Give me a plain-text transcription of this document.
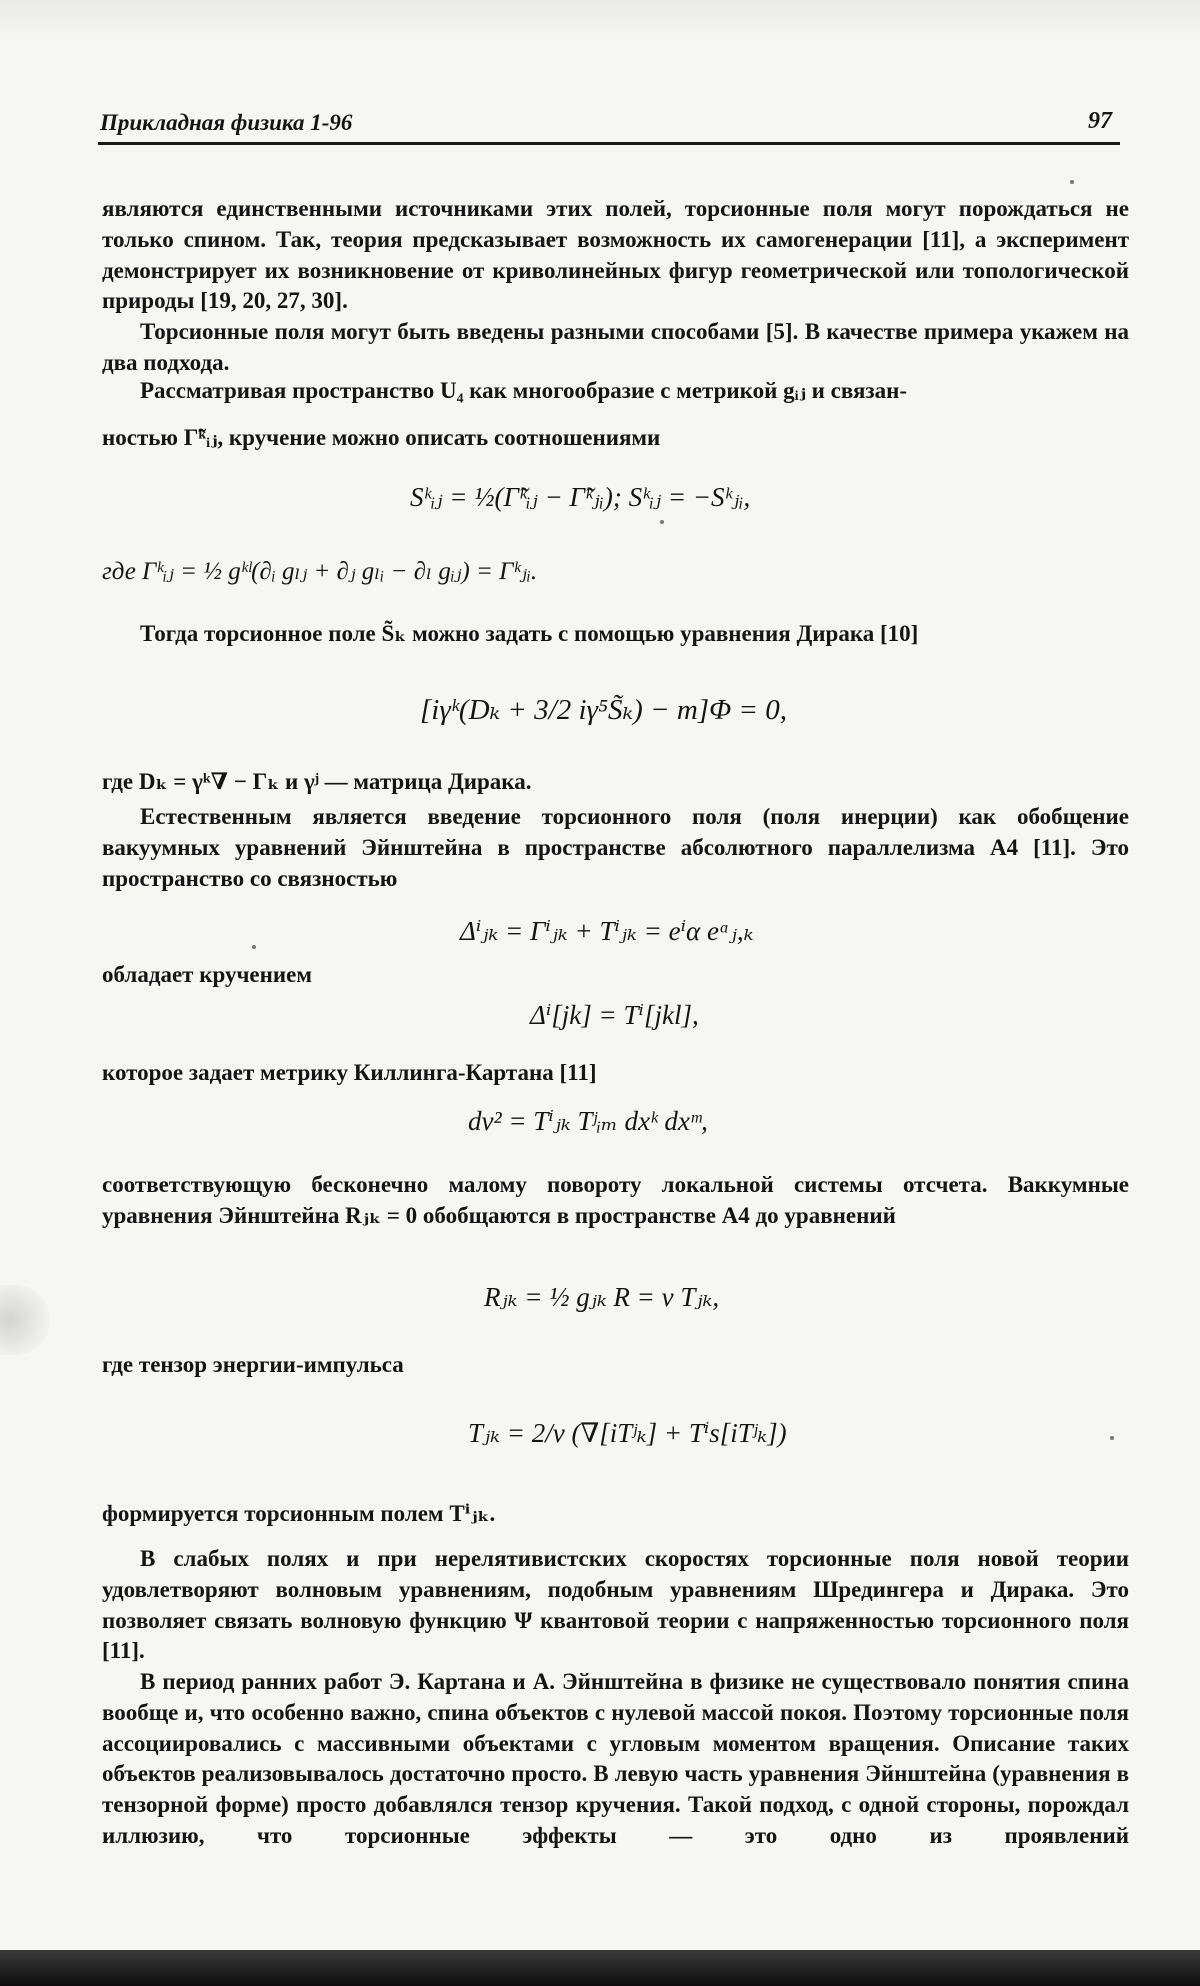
Прикладная физика 1-96	97

являются единственными источниками этих полей, торсионные поля могут порождаться не только спином. Так, теория предсказывает возможность их самогенерации [11], а эксперимент демонстрирует их возникновение от криволинейных фигур геометрической или топологической природы [19, 20, 27, 30].

Торсионные поля могут быть введены разными способами [5]. В качестве примера укажем на два подхода.

Рассматривая пространство U₄ как многообразие с метрикой gᵢⱼ и связан-
ностью Γ̃ᵏᵢⱼ, кручение можно описать соотношениями
Sᵏᵢⱼ = ½(Γ̃ᵏᵢⱼ − Γ̃ᵏⱼᵢ); Sᵏᵢⱼ = −Sᵏⱼᵢ,
где Γᵏᵢⱼ = ½ gᵏˡ(∂ᵢ gₗⱼ + ∂ⱼ gₗᵢ − ∂ₗ gᵢⱼ) = Γᵏⱼᵢ.
Тогда торсионное поле S̃ₖ можно задать с помощью уравнения Дирака [10]
[iγᵏ(Dₖ + 3/2 iγ⁵S̃ₖ) − m]Φ = 0,
где Dₖ = γᵏ∇ − Γₖ и γʲ — матрица Дирака.

Естественным является введение торсионного поля (поля инерции) как обобщение вакуумных уравнений Эйнштейна в пространстве абсолютного параллелизма А4 [11]. Это пространство со связностью

Δⁱⱼₖ = Γⁱⱼₖ + Tⁱⱼₖ = eⁱα eᵅⱼ,ₖ
обладает кручением
Δⁱ[jk] = Tⁱ[jkl],
которое задает метрику Киллинга-Картана [11]
dν² = Tⁱⱼₖ Tʲᵢₘ dxᵏ dxᵐ,

соответствующую бесконечно малому повороту локальной системы отсчета. Ваккумные уравнения Эйнштейна Rⱼₖ = 0 обобщаются в пространстве А4 до уравнений

Rⱼₖ = ½ gⱼₖ R = ν Tⱼₖ,
где тензор энергии-импульса
Tⱼₖ = 2/ν (∇[iTʲₖ] + Tⁱs[iTʲₖ])
формируется торсионным полем Tⁱⱼₖ.

В слабых полях и при нерелятивистских скоростях торсионные поля новой теории удовлетворяют волновым уравнениям, подобным уравнениям Шредингера и Дирака. Это позволяет связать волновую функцию Ψ квантовой теории с напряженностью торсионного поля [11].

В период ранних работ Э. Картана и А. Эйнштейна в физике не существовало понятия спина вообще и, что особенно важно, спина объектов с нулевой массой покоя. Поэтому торсионные поля ассоциировались с массивными объектами с угловым моментом вращения. Описание таких объектов реализовывалось достаточно просто. В левую часть уравнения Эйнштейна (уравнения в тензорной форме) просто добавлялся тензор кручения. Такой подход, с одной стороны, порождал иллюзию, что торсионные эффекты — это одно из проявлений
